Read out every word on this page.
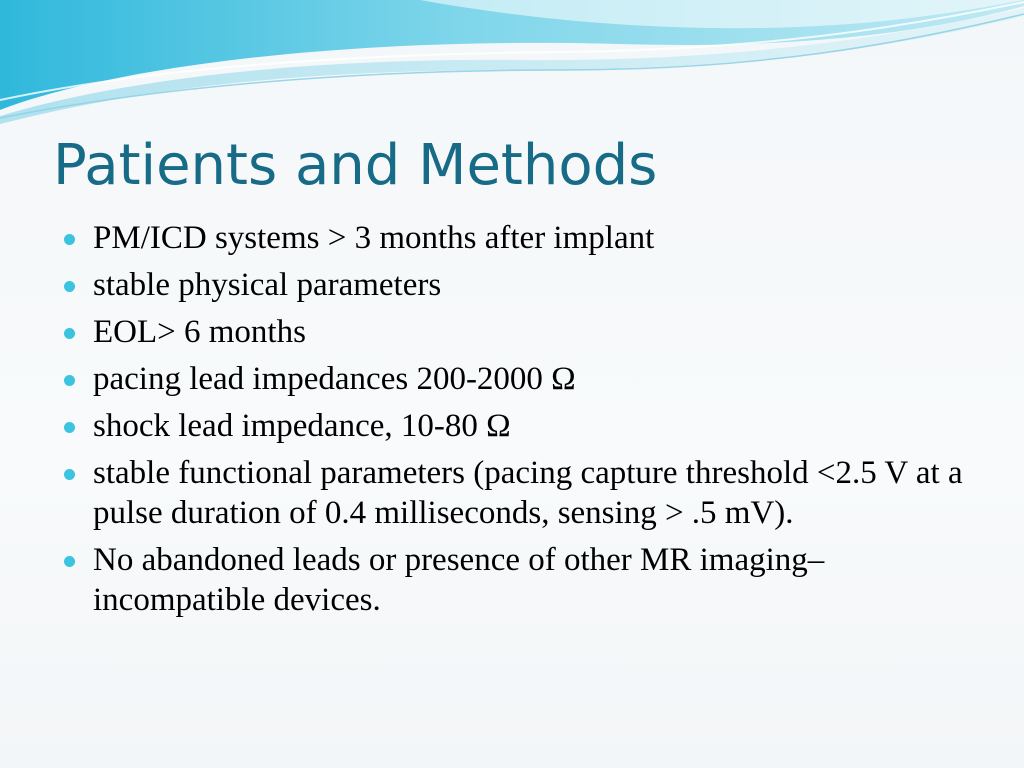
Patients and Methods
PM/ICD systems > 3 months after implant
stable physical parameters
EOL> 6 months
pacing lead impedances 200-2000 Ω
shock lead impedance, 10-80 Ω
stable functional parameters (pacing capture threshold <2.5 V at a pulse duration of 0.4 milliseconds, sensing > .5 mV).
No abandoned leads or presence of other MR imaging–incompatible devices.
